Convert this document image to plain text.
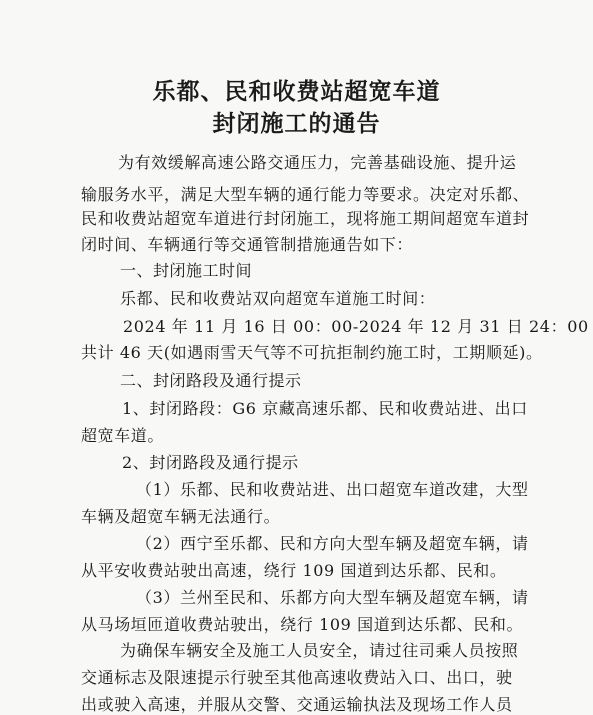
乐都、民和收费站超宽车道
封闭施工的通告
为有效缓解高速公路交通压力，完善基础设施、提升运
输服务水平，满足大型车辆的通行能力等要求。决定对乐都、
民和收费站超宽车道进行封闭施工，现将施工期间超宽车道封
闭时间、车辆通行等交通管制措施通告如下：
一、封闭施工时间
乐都、民和收费站双向超宽车道施工时间：
2024 年 11 月 16 日 00：00-2024 年 12 月 31 日 24：00
共计 46 天(如遇雨雪天气等不可抗拒制约施工时，工期顺延)。
二、封闭路段及通行提示
1、封闭路段：G6 京藏高速乐都、民和收费站进、出口
超宽车道。
2、封闭路段及通行提示
（1）乐都、民和收费站进、出口超宽车道改建，大型
车辆及超宽车辆无法通行。
（2）西宁至乐都、民和方向大型车辆及超宽车辆，请
从平安收费站驶出高速，绕行 109 国道到达乐都、民和。
（3）兰州至民和、乐都方向大型车辆及超宽车辆，请
从马场垣匝道收费站驶出，绕行 109 国道到达乐都、民和。
为确保车辆安全及施工人员安全，请过往司乘人员按照
交通标志及限速提示行驶至其他高速收费站入口、出口，驶
出或驶入高速，并服从交警、交通运输执法及现场工作人员
